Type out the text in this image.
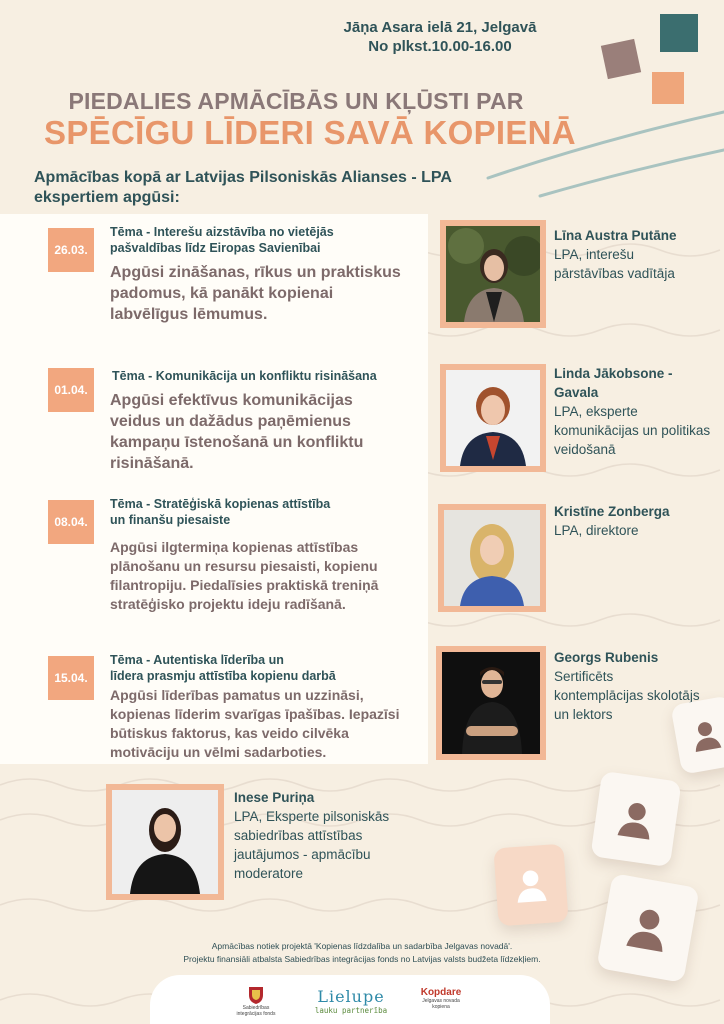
Jāņa Asara ielā 21, Jelgavā
No plkst.10.00-16.00
PIEDALIES APMĀCĪBĀS UN KĻŪSTI PAR
SPĒCĪGU LĪDERI SAVĀ KOPIENĀ
Apmācības kopā ar Latvijas Pilsoniskās Alianses - LPA
ekspertiem apgūsi:
26.03.
Tēma - Interešu aizstāvība no vietējās
pašvaldības līdz Eiropas Savienībai
Apgūsi zināšanas, rīkus un praktiskus
padomus, kā panākt kopienai
labvēlīgus lēmumus.
01.04.
Tēma - Komunikācija un konfliktu risināšana
Apgūsi efektīvus komunikācijas
veidus un dažādus paņēmienus
kampaņu īstenošanā un konfliktu
risināšanā.
08.04.
Tēma - Stratēģiskā kopienas attīstība
un finanšu piesaiste
Apgūsi ilgtermiņa kopienas attīstības
plānošanu un resursu piesaisti, kopienu
filantropiju. Piedalīsies praktiskā treniņā
stratēģisko projektu ideju radīšanā.
15.04.
Tēma - Autentiska līderība un
līdera prasmju attīstība kopienu darbā
Apgūsi līderības pamatus un uzzināsi,
kopienas līderim svarīgas īpašības. Iepazīsi
būtiskus faktorus, kas veido cilvēka
motivāciju un vēlmi sadarboties.
Līna Austra Putāne
LPA, interešu
pārstāvības vadītāja
Linda Jākobsone -
Gavala
LPA, eksperte
komunikācijas un politikas
veidošanā
Kristīne Zonberga
LPA, direktore
Georgs Rubenis
Sertificēts
kontemplācijas skolotājs
un lektors
Inese Puriņa
LPA, Eksperte pilsoniskās
sabiedrības attīstības
jautājumos - apmācību
moderatore
Apmācības notiek projektā 'Kopienas līdzdalība un sadarbība Jelgavas novadā'.
Projektu finansiāli atbalsta Sabiedrības integrācijas fonds no Latvijas valsts budžeta līdzekļiem.
Sabiedrības integrācijas fonds
Lielupe
lauku partnerība
Kopdare
Jelgavas novada kopiena
